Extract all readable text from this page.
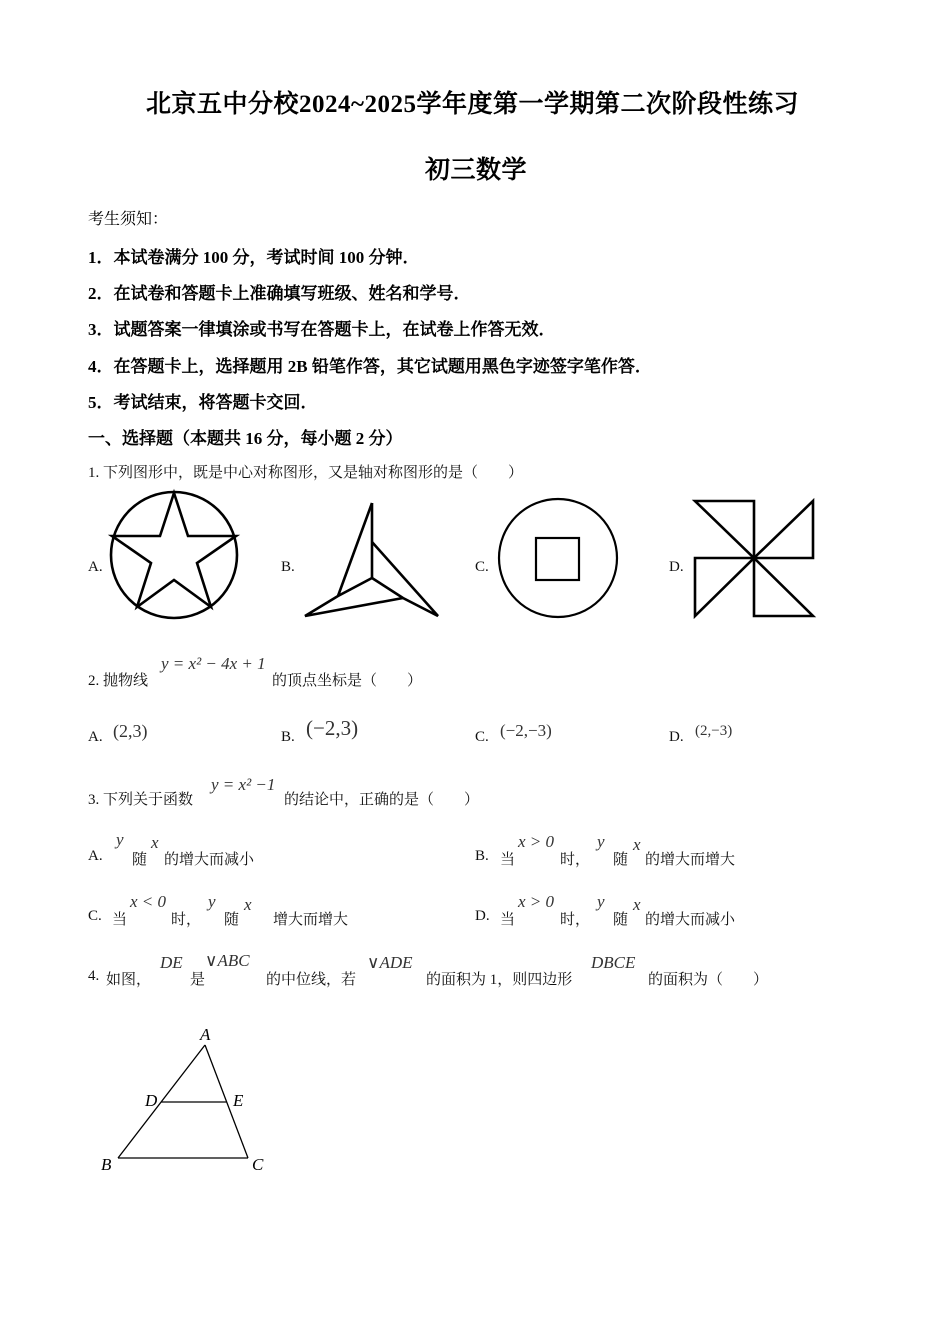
北京五中分校2024~2025学年度第一学期第二次阶段性练习
初三数学
考生须知：
1．本试卷满分 100 分，考试时间 100 分钟．
2．在试卷和答题卡上准确填写班级、姓名和学号．
3．试题答案一律填涂或书写在答题卡上，在试卷上作答无效．
4．在答题卡上，选择题用 2B 铅笔作答，其它试题用黑色字迹签字笔作答．
5．考试结束，将答题卡交回．
一、选择题（本题共 16 分，每小题 2 分）
1. 下列图形中，既是中心对称图形，又是轴对称图形的是（　　）
A.	B.	C.	D.
2. 抛物线
y = x² − 4x + 1
的顶点坐标是（　　）
A. (2,3)	B. (−2,3)	C. (−2,−3)	D. (2,−3)
3. 下列关于函数
y = x² −1
的结论中，正确的是（　　）
A.
y
随
x
的增大而减小	B. 当
x > 0
时，
y
随
x
的增大而增大
C. 当
x < 0
时，
y
随
x
增大而增大	D. 当
x > 0
时，
y
随
x
的增大而减小
4. 如图，
DE
是
∨ABC
的中位线，若
∨ADE
的面积为 1，则四边形
DBCE
的面积为（　　）
A
B	C
D	E
